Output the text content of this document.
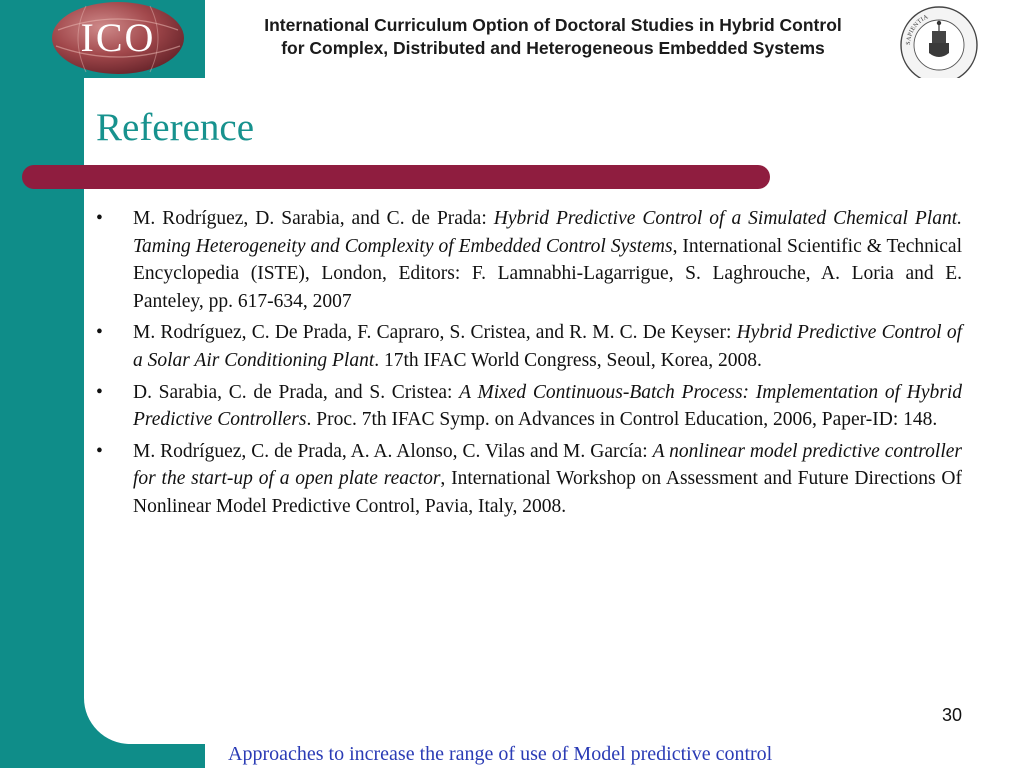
ICO	International Curriculum Option of Doctoral Studies in Hybrid Control
for Complex, Distributed and Heterogeneous Embedded Systems	SAPIENTIA
Reference
• M. Rodríguez, D. Sarabia, and C. de Prada: Hybrid Predictive Control of a Simulated Chemical Plant. Taming Heterogeneity and Complexity of Embedded Control Systems, International Scientific & Technical Encyclopedia (ISTE), London, Editors: F. Lamnabhi-Lagarrigue, S. Laghrouche, A. Loria and E. Panteley, pp. 617-634, 2007
• M. Rodríguez, C. De Prada, F. Capraro, S. Cristea, and R. M. C. De Keyser: Hybrid Predictive Control of a Solar Air Conditioning Plant. 17th IFAC World Congress, Seoul, Korea, 2008.
• D. Sarabia, C. de Prada, and S. Cristea: A Mixed Continuous-Batch Process: Implementation of Hybrid Predictive Controllers. Proc. 7th IFAC Symp. on Advances in Control Education, 2006, Paper-ID: 148.
• M. Rodríguez, C. de Prada, A. A. Alonso, C. Vilas and M. García: A nonlinear model predictive controller for the start-up of a open plate reactor, International Workshop on Assessment and Future Directions Of Nonlinear Model Predictive Control, Pavia, Italy, 2008.
30
Approaches to increase the range of use of Model predictive control
